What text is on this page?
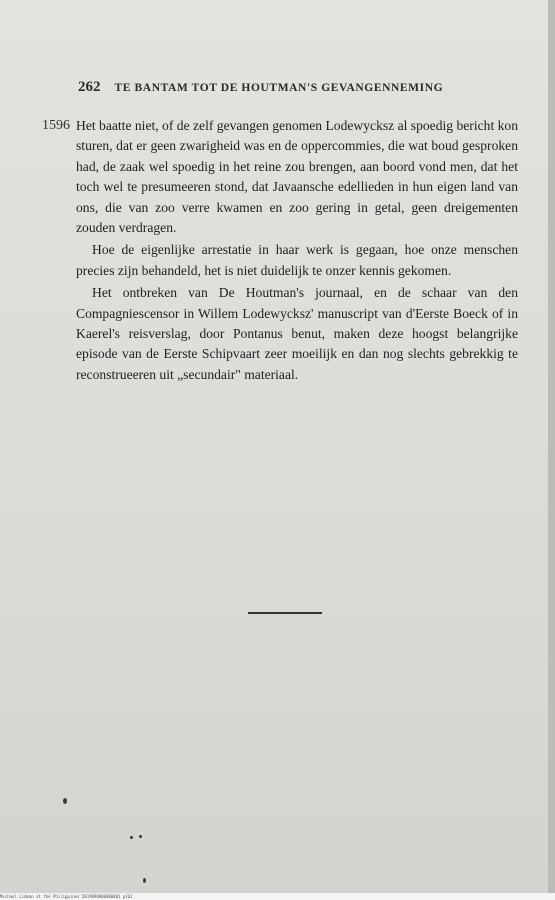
262 TE BANTAM TOT DE HOUTMAN'S GEVANGENNEMING
1596 Het baatte niet, of de zelf gevangen genomen Lodewycksz al spoedig bericht kon sturen, dat er geen zwarigheid was en de oppercommies, die wat boud gesproken had, de zaak wel spoedig in het reine zou brengen, aan boord vond men, dat het toch wel te presumeeren stond, dat Javaansche edellieden in hun eigen land van ons, die van zoo verre kwamen en zoo gering in getal, geen dreigementen zouden verdragen.

Hoe de eigenlijke arrestatie in haar werk is gegaan, hoe onze menschen precies zijn behandeld, het is niet duidelijk te onzer kennis gekomen.

Het ontbreken van De Houtman's journaal, en de schaar van den Compagniescensor in Willem Lodewycksz' manuscript van d'Eerste Boeck of in Kaerel's reisverslag, door Pontanus benut, maken deze hoogst belangrijke episode van de Eerste Schipvaart zeer moeilijk en dan nog slechts gebrekkig te reconstrueeren uit „secundair" materiaal.

Michael Lidman at the Philippines 2019090000000001 p262
